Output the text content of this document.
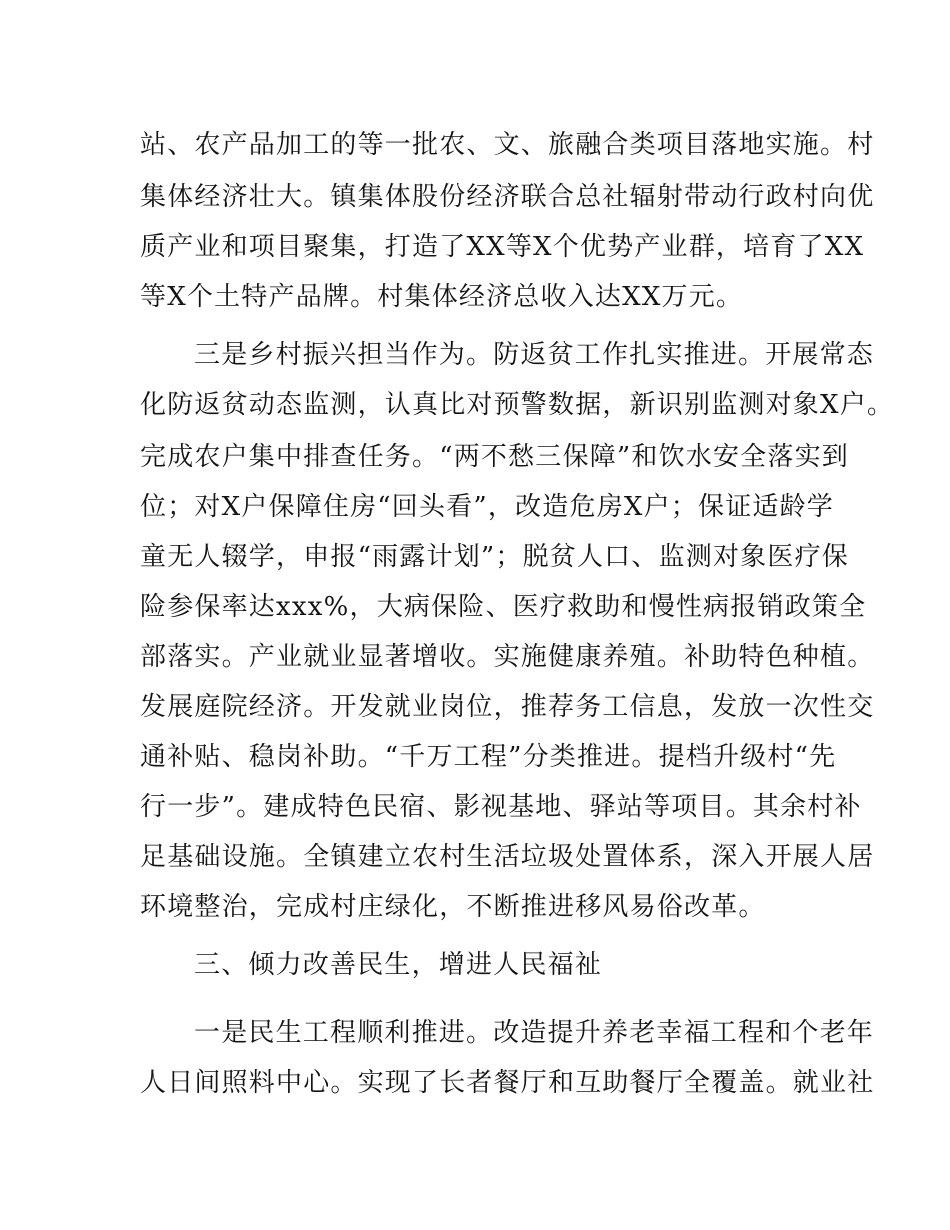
站、农产品加工的等一批农、文、旅融合类项目落地实施。村
集体经济壮大。镇集体股份经济联合总社辐射带动行政村向优
质产业和项目聚集，打造了XX等X个优势产业群，培育了XX
等X个土特产品牌。村集体经济总收入达XX万元。
三是乡村振兴担当作为。防返贫工作扎实推进。开展常态
化防返贫动态监测，认真比对预警数据，新识别监测对象X户。
完成农户集中排查任务。“两不愁三保障”和饮水安全落实到
位；对X户保障住房“回头看”，改造危房X户；保证适龄学
童无人辍学，申报“雨露计划”；脱贫人口、监测对象医疗保
险参保率达xxx%，大病保险、医疗救助和慢性病报销政策全
部落实。产业就业显著增收。实施健康养殖。补助特色种植。
发展庭院经济。开发就业岗位，推荐务工信息，发放一次性交
通补贴、稳岗补助。“千万工程”分类推进。提档升级村“先
行一步”。建成特色民宿、影视基地、驿站等项目。其余村补
足基础设施。全镇建立农村生活垃圾处置体系，深入开展人居
环境整治，完成村庄绿化，不断推进移风易俗改革。
三、倾力改善民生，增进人民福祉
一是民生工程顺利推进。改造提升养老幸福工程和个老年
人日间照料中心。实现了长者餐厅和互助餐厅全覆盖。就业社
